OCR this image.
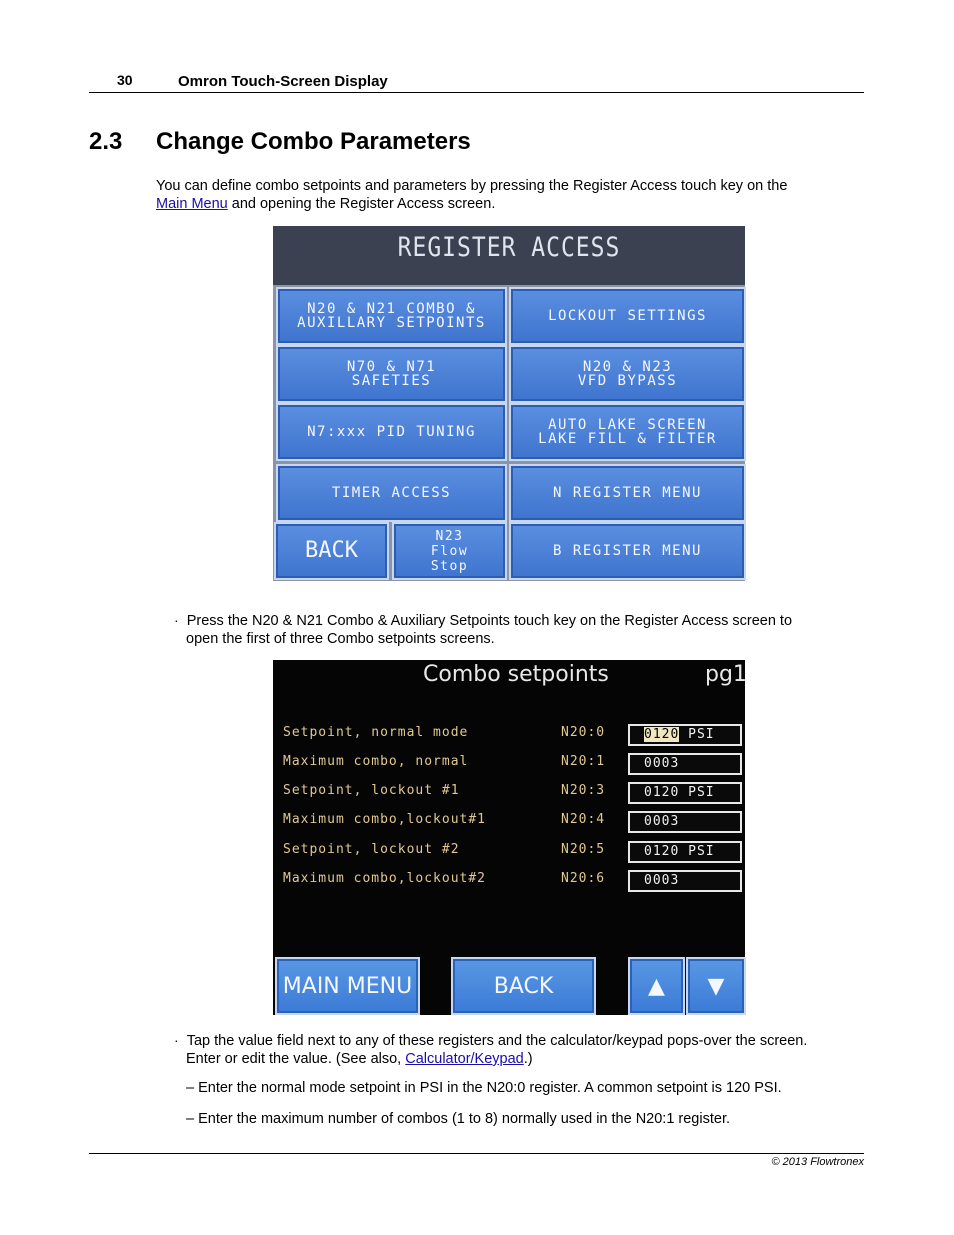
30	Omron Touch-Screen Display
2.3 Change Combo Parameters
You can define combo setpoints and parameters by pressing the Register Access touch key on the
Main Menu and opening the Register Access screen.
REGISTER ACCESS
N20 & N21 COMBO &
AUXILLARY SETPOINTS	LOCKOUT SETTINGS
N70 & N71
SAFETIES
N20 & N23
VFD BYPASS
N7:xxx PID TUNING	AUTO LAKE SCREEN
LAKE FILL & FILTER
TIMER ACCESS	N REGISTER MENU
BACK
N23
Flow
Stop
B REGISTER MENU
· Press the N20 & N21 Combo & Auxiliary Setpoints touch key on the Register Access screen to
open the first of three Combo setpoints screens.
Combo setpoints	pg1
Setpoint, normal mode	N20:0	0120 PSI
Maximum combo, normal	N20:1	0003
Setpoint, lockout #1	N20:3	0120 PSI
Maximum combo,lockout#1	N20:4	0003
Setpoint, lockout #2	N20:5	0120 PSI
Maximum combo,lockout#2	N20:6	0003
MAIN MENU	BACK	▲ ▼
· Tap the value field next to any of these registers and the calculator/keypad pops-over the screen.
Enter or edit the value. (See also, Calculator/Keypad.)
– Enter the normal mode setpoint in PSI in the N20:0 register. A common setpoint is 120 PSI.
– Enter the maximum number of combos (1 to 8) normally used in the N20:1 register.
© 2013 Flowtronex
